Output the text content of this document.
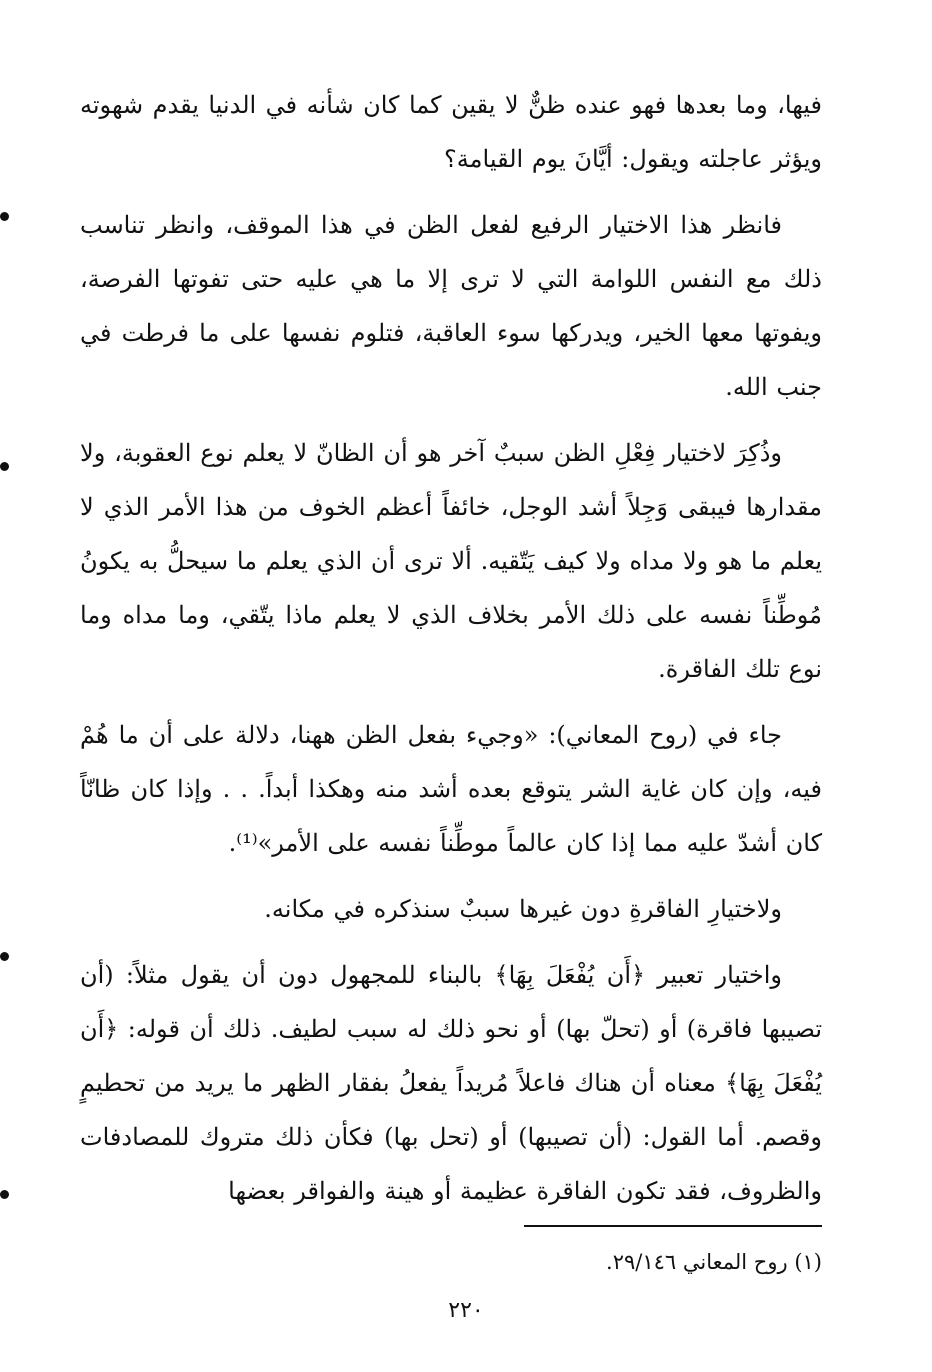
فيها، وما بعدها فهو عنده ظنٌّ لا يقين كما كان شأنه في الدنيا يقدم شهوته ويؤثر عاجلته ويقول: أيَّانَ يوم القيامة؟

فانظر هذا الاختيار الرفيع لفعل الظن في هذا الموقف، وانظر تناسب ذلك مع النفس اللوامة التي لا ترى إلا ما هي عليه حتى تفوتها الفرصة، ويفوتها معها الخير، ويدركها سوء العاقبة، فتلوم نفسها على ما فرطت في جنب الله.

وذُكِرَ لاختيار فِعْلِ الظن سببٌ آخر هو أن الظانّ لا يعلم نوع العقوبة، ولا مقدارها فيبقى وَجِلاً أشد الوجل، خائفاً أعظم الخوف من هذا الأمر الذي لا يعلم ما هو ولا مداه ولا كيف يَتّقيه. ألا ترى أن الذي يعلم ما سيحلُّ به يكونُ مُوطِّناً نفسه على ذلك الأمر بخلاف الذي لا يعلم ماذا يتّقي، وما مداه وما نوع تلك الفاقرة.

جاء في (روح المعاني): «وجيء بفعل الظن ههنا، دلالة على أن ما هُمْ فيه، وإن كان غاية الشر يتوقع بعده أشد منه وهكذا أبداً. . . وإذا كان ظانّاً كان أشدّ عليه مما إذا كان عالماً موطِّناً نفسه على الأمر»⁽¹⁾.

ولاختيارِ الفاقرةِ دون غيرها سببٌ سنذكره في مكانه.

واختيار تعبير ﴿أَن يُفْعَلَ بِهَا﴾ بالبناء للمجهول دون أن يقول مثلاً: (أن تصيبها فاقرة) أو (تحلّ بها) أو نحو ذلك له سبب لطيف. ذلك أن قوله: ﴿أَن يُفْعَلَ بِهَا﴾ معناه أن هناك فاعلاً مُريداً يفعلُ بفقار الظهر ما يريد من تحطيمٍ وقصم. أما القول: (أن تصيبها) أو (تحل بها) فكأن ذلك متروك للمصادفات والظروف، فقد تكون الفاقرة عظيمة أو هينة والفواقر بعضها

(١) روح المعاني ٢٩/١٤٦.
٢٢٠
